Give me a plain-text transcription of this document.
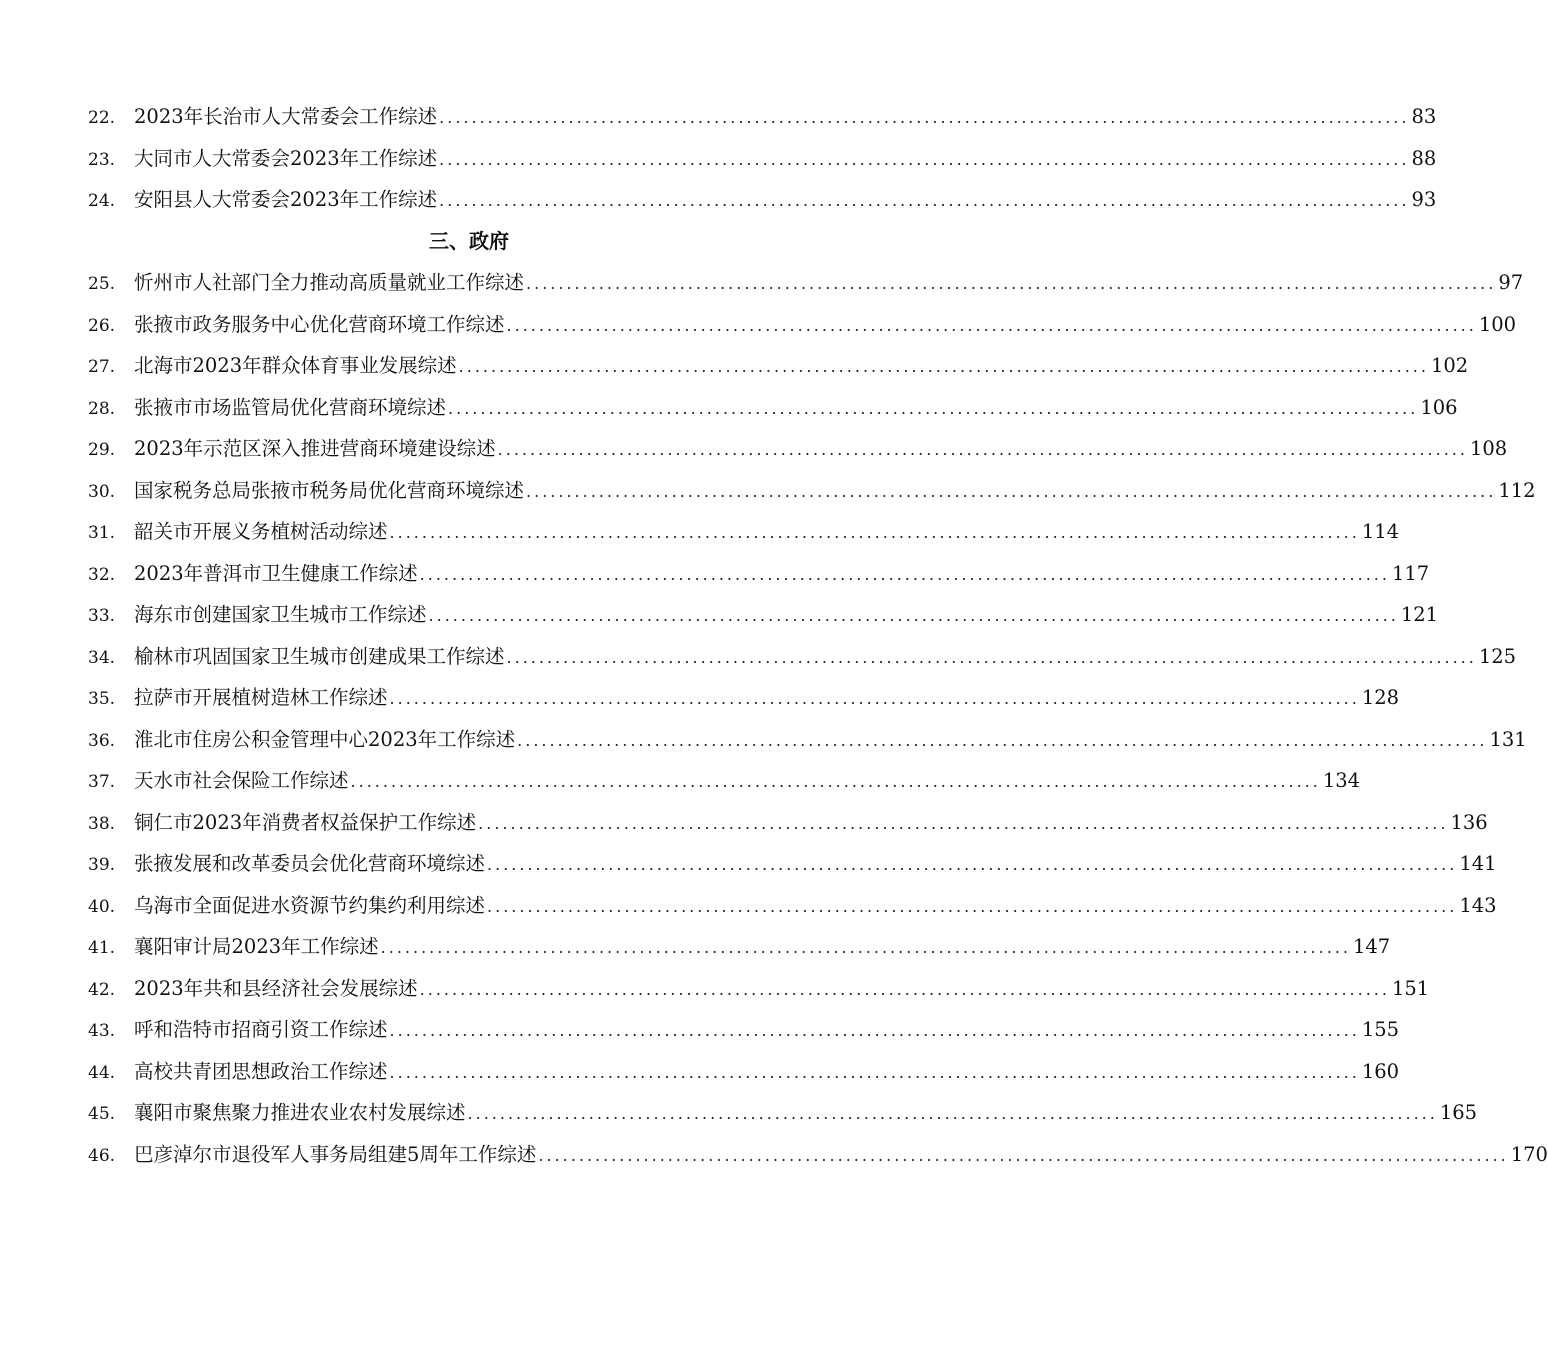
22. 2023年长治市人大常委会工作综述 ........................................................................................................................ 83
23. 大同市人大常委会2023年工作综述 ........................................................................................................................ 88
24. 安阳县人大常委会2023年工作综述 ........................................................................................................................ 93
三、政府
25. 忻州市人社部门全力推动高质量就业工作综述 ........................................................................................................................ 97
26. 张掖市政务服务中心优化营商环境工作综述 ........................................................................................................................ 100
27. 北海市2023年群众体育事业发展综述 ........................................................................................................................ 102
28. 张掖市市场监管局优化营商环境综述 ........................................................................................................................ 106
29. 2023年示范区深入推进营商环境建设综述 ........................................................................................................................ 108
30. 国家税务总局张掖市税务局优化营商环境综述 ........................................................................................................................ 112
31. 韶关市开展义务植树活动综述 ........................................................................................................................ 114
32. 2023年普洱市卫生健康工作综述 ........................................................................................................................ 117
33. 海东市创建国家卫生城市工作综述 ........................................................................................................................ 121
34. 榆林市巩固国家卫生城市创建成果工作综述 ........................................................................................................................ 125
35. 拉萨市开展植树造林工作综述 ........................................................................................................................ 128
36. 淮北市住房公积金管理中心2023年工作综述 ........................................................................................................................ 131
37. 天水市社会保险工作综述 ........................................................................................................................ 134
38. 铜仁市2023年消费者权益保护工作综述 ........................................................................................................................ 136
39. 张掖发展和改革委员会优化营商环境综述 ........................................................................................................................ 141
40. 乌海市全面促进水资源节约集约利用综述 ........................................................................................................................ 143
41. 襄阳审计局2023年工作综述 ........................................................................................................................ 147
42. 2023年共和县经济社会发展综述 ........................................................................................................................ 151
43. 呼和浩特市招商引资工作综述 ........................................................................................................................ 155
44. 高校共青团思想政治工作综述 ........................................................................................................................ 160
45. 襄阳市聚焦聚力推进农业农村发展综述 ........................................................................................................................ 165
46. 巴彦淖尔市退役军人事务局组建5周年工作综述 ........................................................................................................................ 170
